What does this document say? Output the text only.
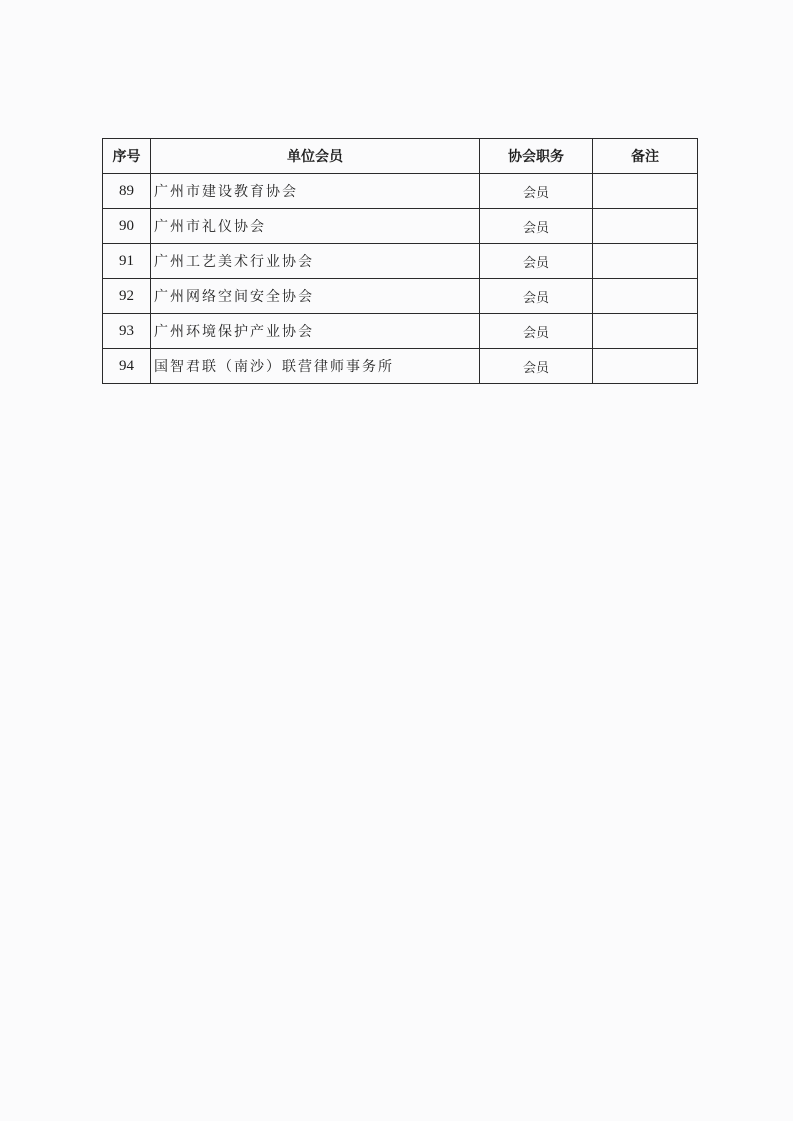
序号	单位会员	协会职务	备注
89	广州市建设教育协会	会员	
90	广州市礼仪协会	会员	
91	广州工艺美术行业协会	会员	
92	广州网络空间安全协会	会员	
93	广州环境保护产业协会	会员	
94	国智君联（南沙）联营律师事务所	会员	
